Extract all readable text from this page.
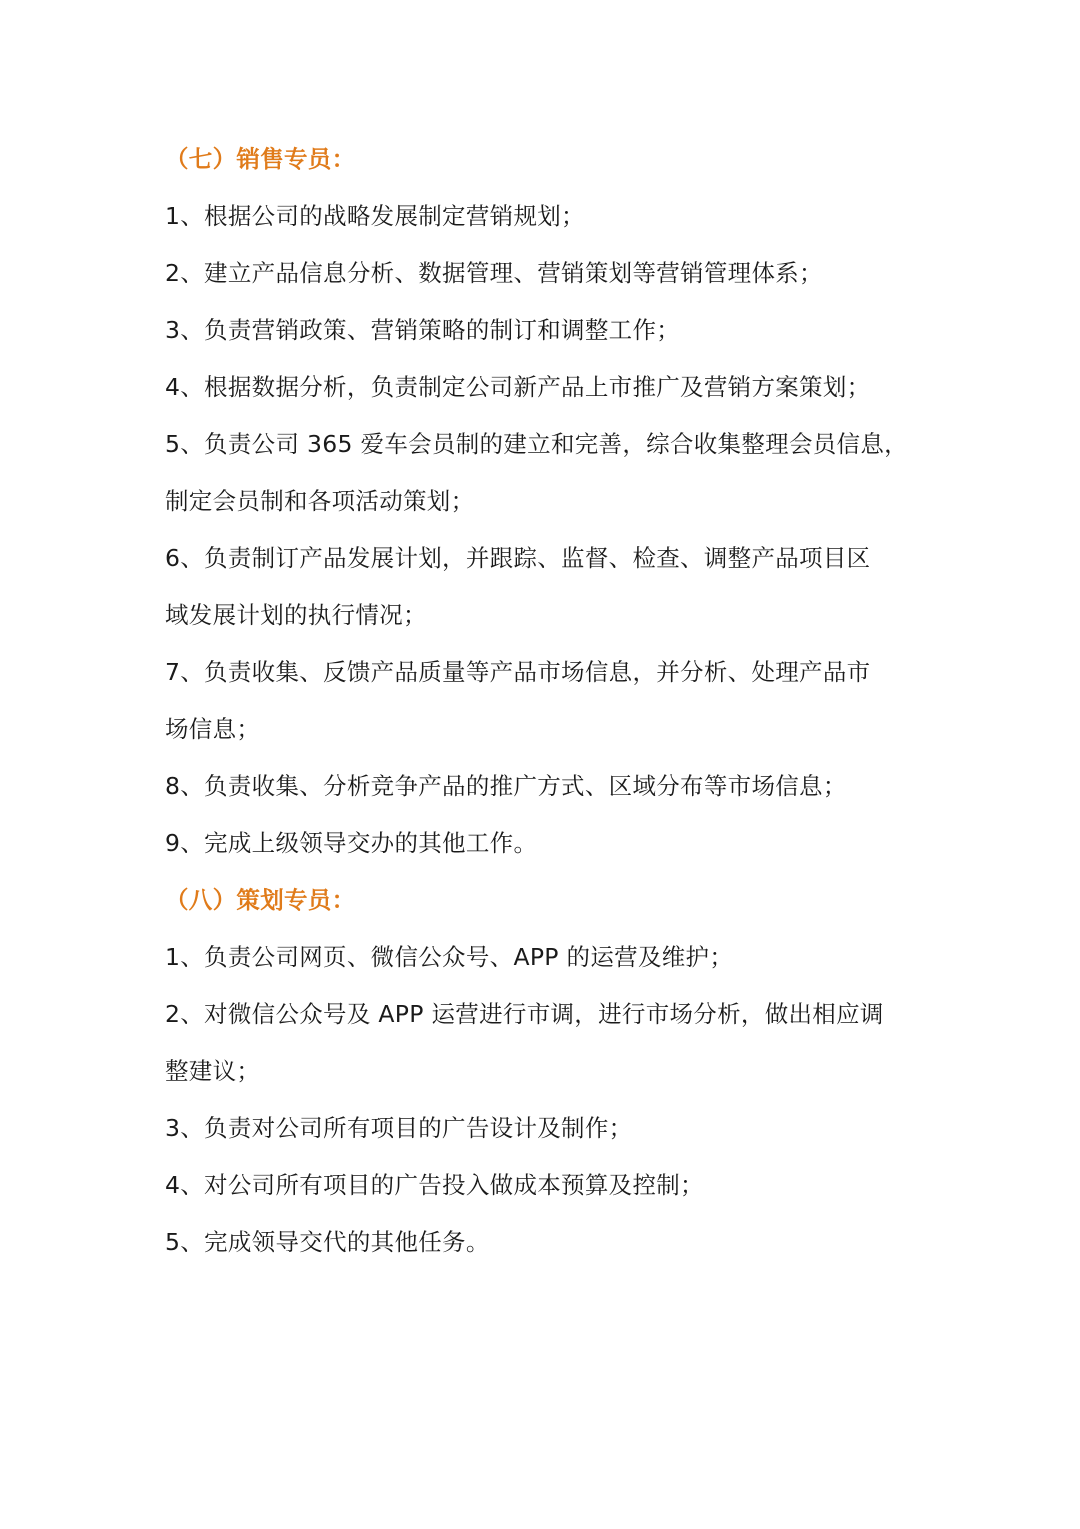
（七）销售专员：
1、根据公司的战略发展制定营销规划；
2、建立产品信息分析、数据管理、营销策划等营销管理体系；
3、负责营销政策、营销策略的制订和调整工作；
4、根据数据分析，负责制定公司新产品上市推广及营销方案策划；
5、负责公司 365 爱车会员制的建立和完善，综合收集整理会员信息，
制定会员制和各项活动策划；
6、负责制订产品发展计划，并跟踪、监督、检查、调整产品项目区
域发展计划的执行情况；
7、负责收集、反馈产品质量等产品市场信息，并分析、处理产品市
场信息；
8、负责收集、分析竞争产品的推广方式、区域分布等市场信息；
9、完成上级领导交办的其他工作。
（八）策划专员：
1、负责公司网页、微信公众号、APP 的运营及维护；
2、对微信公众号及 APP 运营进行市调，进行市场分析，做出相应调
整建议；
3、负责对公司所有项目的广告设计及制作；
4、对公司所有项目的广告投入做成本预算及控制；
5、完成领导交代的其他任务。
